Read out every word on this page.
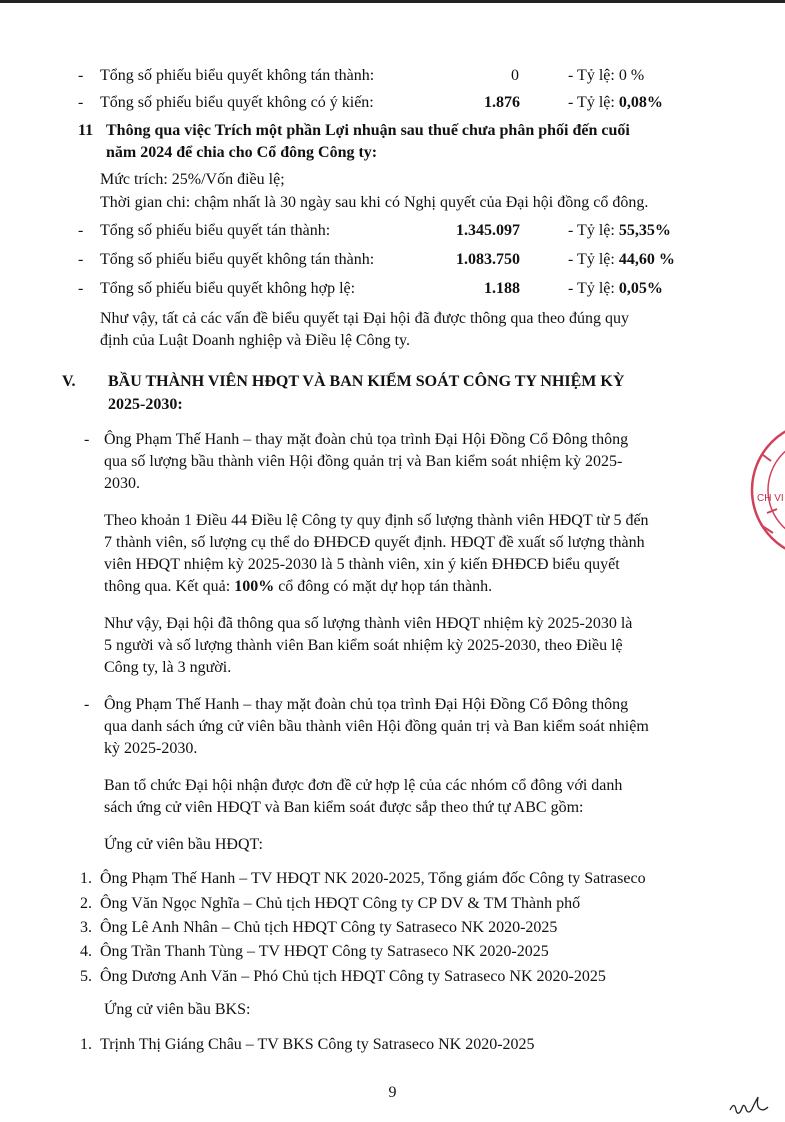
- Tổng số phiếu biểu quyết không tán thành:	0	- Tỷ lệ: 0 %
- Tổng số phiếu biểu quyết không có ý kiến:	1.876	- Tỷ lệ: 0,08%
11 Thông qua việc Trích một phần Lợi nhuận sau thuế chưa phân phối đến cuối
năm 2024 để chia cho Cổ đông Công ty:
Mức trích: 25%/Vốn điều lệ;
Thời gian chi: chậm nhất là 30 ngày sau khi có Nghị quyết của Đại hội đồng cổ đông.
- Tổng số phiếu biểu quyết tán thành:	1.345.097	- Tỷ lệ: 55,35%
- Tổng số phiếu biểu quyết không tán thành:	1.083.750	- Tỷ lệ: 44,60 %
- Tổng số phiếu biểu quyết không hợp lệ:	1.188	- Tỷ lệ: 0,05%
Như vậy, tất cả các vấn đề biểu quyết tại Đại hội đã được thông qua theo đúng quy
định của Luật Doanh nghiệp và Điều lệ Công ty.
V. BẦU THÀNH VIÊN HĐQT VÀ BAN KIỂM SOÁT CÔNG TY NHIỆM KỲ
2025-2030:
- Ông Phạm Thế Hanh – thay mặt đoàn chủ tọa trình Đại Hội Đồng Cổ Đông thông
qua số lượng bầu thành viên Hội đồng quản trị và Ban kiểm soát nhiệm kỳ 2025-
2030.
Theo khoản 1 Điều 44 Điều lệ Công ty quy định số lượng thành viên HĐQT từ 5 đến
7 thành viên, số lượng cụ thể do ĐHĐCĐ quyết định. HĐQT đề xuất số lượng thành
viên HĐQT nhiệm kỳ 2025-2030 là 5 thành viên, xin ý kiến ĐHĐCĐ biểu quyết
thông qua. Kết quả: 100% cổ đông có mặt dự họp tán thành.
Như vậy, Đại hội đã thông qua số lượng thành viên HĐQT nhiệm kỳ 2025-2030 là
5 người và số lượng thành viên Ban kiểm soát nhiệm kỳ 2025-2030, theo Điều lệ
Công ty, là 3 người.
- Ông Phạm Thế Hanh – thay mặt đoàn chủ tọa trình Đại Hội Đồng Cổ Đông thông
qua danh sách ứng cử viên bầu thành viên Hội đồng quản trị và Ban kiểm soát nhiệm
kỳ 2025-2030.
Ban tổ chức Đại hội nhận được đơn đề cử hợp lệ của các nhóm cổ đông với danh
sách ứng cử viên HĐQT và Ban kiểm soát được sắp theo thứ tự ABC gồm:
Ứng cử viên bầu HĐQT:
1. Ông Phạm Thế Hanh – TV HĐQT NK 2020-2025, Tổng giám đốc Công ty Satraseco
2. Ông Văn Ngọc Nghĩa – Chủ tịch HĐQT Công ty CP DV & TM Thành phố
3. Ông Lê Anh Nhân – Chủ tịch HĐQT Công ty Satraseco NK 2020-2025
4. Ông Trần Thanh Tùng – TV HĐQT Công ty Satraseco NK 2020-2025
5. Ông Dương Anh Văn – Phó Chủ tịch HĐQT Công ty Satraseco NK 2020-2025
Ứng cử viên bầu BKS:
1. Trịnh Thị Giáng Châu – TV BKS Công ty Satraseco NK 2020-2025
CH VI
9
